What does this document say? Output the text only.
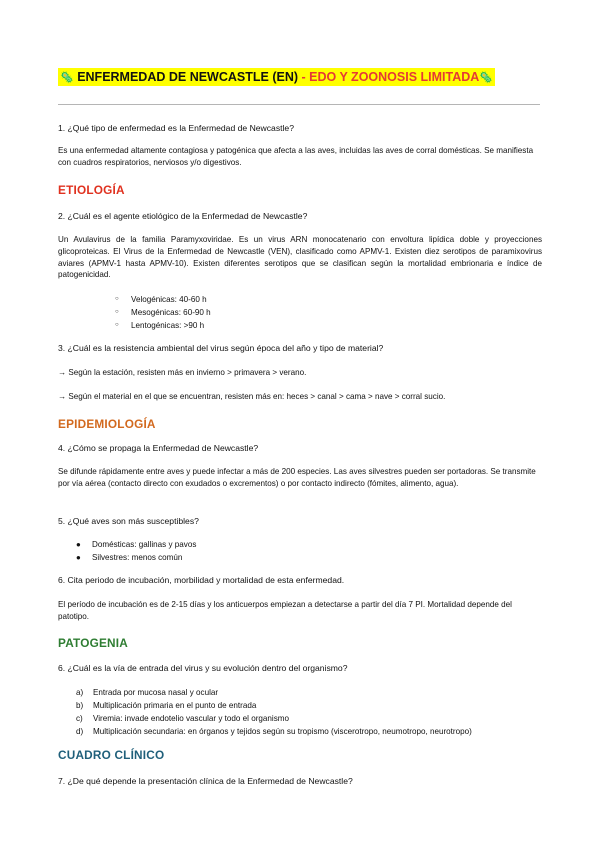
🦠 ENFERMEDAD DE NEWCASTLE (EN) - EDO Y ZOONOSIS LIMITADA🦠
1. ¿Qué tipo de enfermedad es la Enfermedad de Newcastle?
Es una enfermedad altamente contagiosa y patogénica que afecta a las aves, incluidas las aves de corral domésticas. Se manifiesta con cuadros respiratorios, nerviosos y/o digestivos.
ETIOLOGÍA
2. ¿Cuál es el agente etiológico de la Enfermedad de Newcastle?
Un Avulavirus de la familia Paramyxoviridae. Es un virus ARN monocatenario con envoltura lipídica doble y proyecciones glicoproteicas. El Virus de la Enfermedad de Newcastle (VEN), clasificado como APMV-1. Existen diez serotipos de paramixovirus aviares (APMV-1 hasta APMV-10). Existen diferentes serotipos que se clasifican según la mortalidad embrionaria e índice de patogenicidad.
○ Velogénicas: 40-60 h
○ Mesogénicas: 60-90 h
○ Lentogénicas: >90 h
3. ¿Cuál es la resistencia ambiental del virus según época del año y tipo de material?
→ Según la estación, resisten más en invierno > primavera > verano.
→ Según el material en el que se encuentran, resisten más en: heces > canal > cama > nave > corral sucio.
EPIDEMIOLOGÍA
4. ¿Cómo se propaga la Enfermedad de Newcastle?
Se difunde rápidamente entre aves y puede infectar a más de 200 especies. Las aves silvestres pueden ser portadoras. Se transmite por vía aérea (contacto directo con exudados o excrementos) o por contacto indirecto (fómites, alimento, agua).
5. ¿Qué aves son más susceptibles?
● Domésticas: gallinas y pavos
● Silvestres: menos común
6. Cita periodo de incubación, morbilidad y mortalidad de esta enfermedad.
El período de incubación es de 2-15 días y los anticuerpos empiezan a detectarse a partir del día 7 PI. Mortalidad depende del patotipo.
PATOGENIA
6. ¿Cuál es la vía de entrada del virus y su evolución dentro del organismo?
a) Entrada por mucosa nasal y ocular
b) Multiplicación primaria en el punto de entrada
c) Viremia: invade endotelio vascular y todo el organismo
d) Multiplicación secundaria: en órganos y tejidos según su tropismo (viscerotropo, neumotropo, neurotropo)
CUADRO CLÍNICO
7. ¿De qué depende la presentación clínica de la Enfermedad de Newcastle?
